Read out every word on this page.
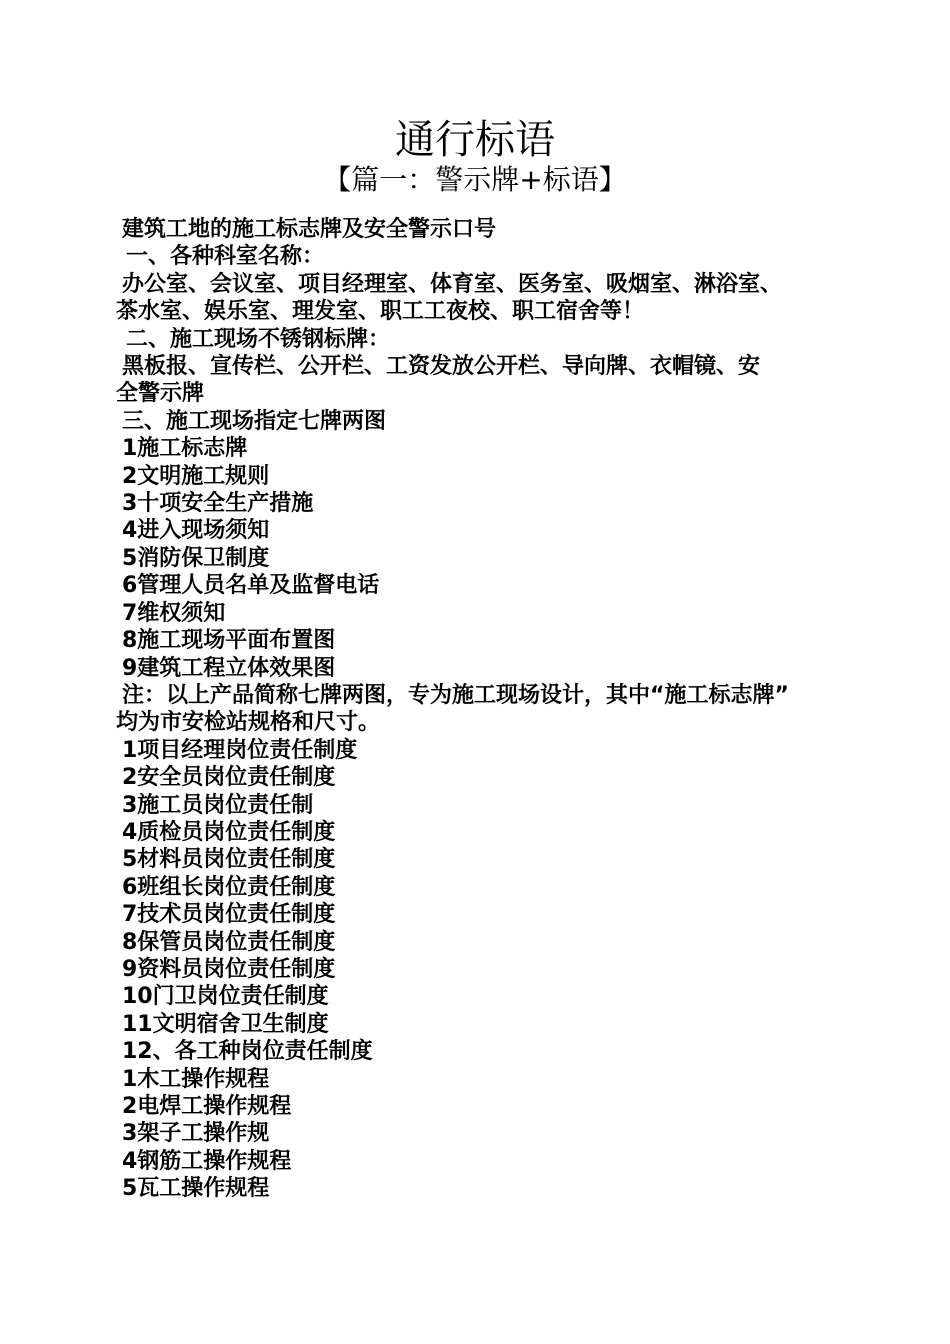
通行标语
【篇一：警示牌+标语】
建筑工地的施工标志牌及安全警示口号
一、各种科室名称：
办公室、会议室、项目经理室、体育室、医务室、吸烟室、淋浴室、
茶水室、娱乐室、理发室、职工工夜校、职工宿舍等！
二、施工现场不锈钢标牌：
黑板报、宣传栏、公开栏、工资发放公开栏、导向牌、衣帽镜、安
全警示牌
三、施工现场指定七牌两图
1施工标志牌
2文明施工规则
3十项安全生产措施
4进入现场须知
5消防保卫制度
6管理人员名单及监督电话
7维权须知
8施工现场平面布置图
9建筑工程立体效果图
注：以上产品简称七牌两图，专为施工现场设计，其中“施工标志牌”
均为市安检站规格和尺寸。
1项目经理岗位责任制度
2安全员岗位责任制度
3施工员岗位责任制
4质检员岗位责任制度
5材料员岗位责任制度
6班组长岗位责任制度
7技术员岗位责任制度
8保管员岗位责任制度
9资料员岗位责任制度
10门卫岗位责任制度
11文明宿舍卫生制度
12、各工种岗位责任制度
1木工操作规程
2电焊工操作规程
3架子工操作规
4钢筋工操作规程
5瓦工操作规程
